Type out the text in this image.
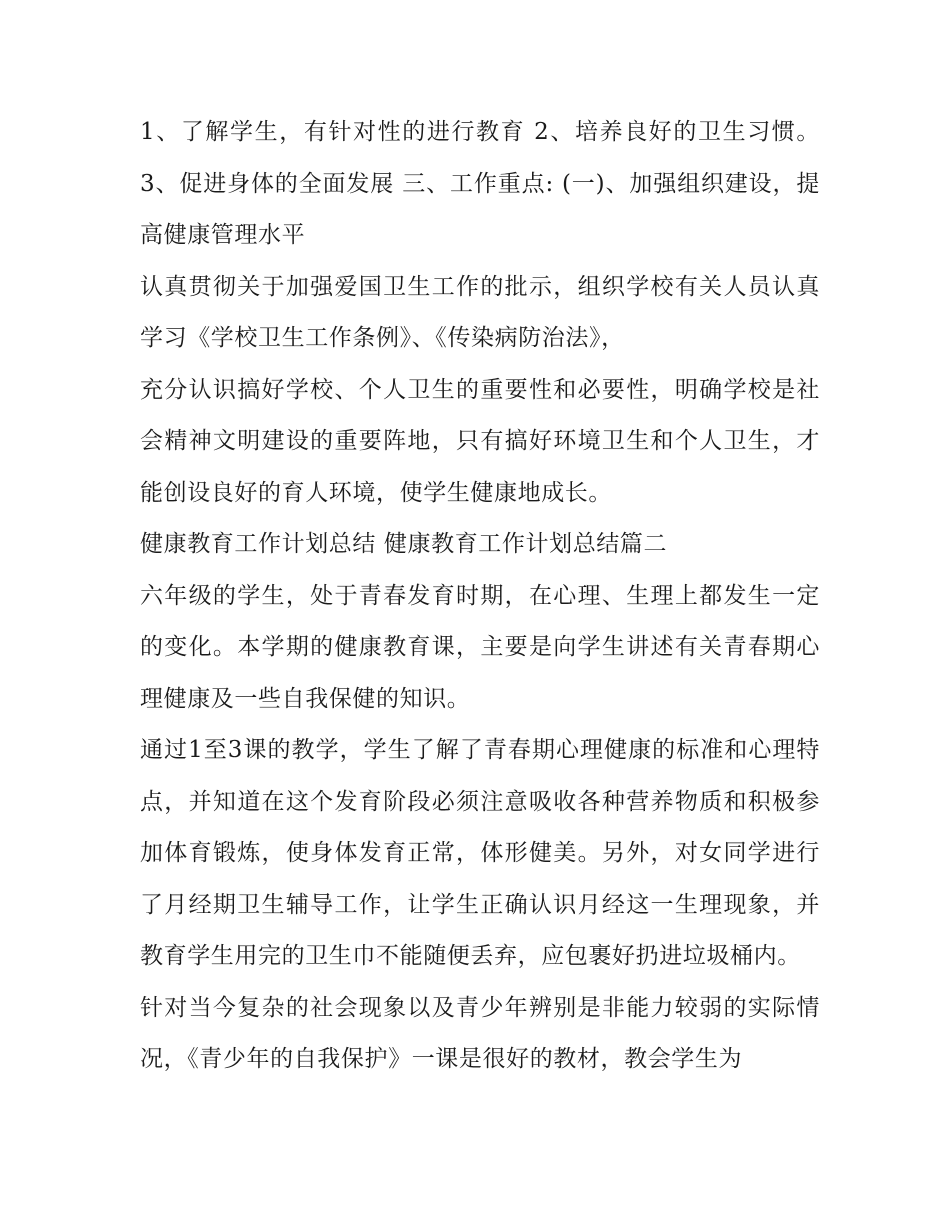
1、了解学生，有针对性的进行教育 2、培养良好的卫生习惯。 3、促进身体的全面发展 三、工作重点: (一)、加强组织建设，提高健康管理水平

认真贯彻关于加强爱国卫生工作的批示，组织学校有关人员认真学习《学校卫生工作条例》、《传染病防治法》，

充分认识搞好学校、个人卫生的重要性和必要性，明确学校是社会精神文明建设的重要阵地，只有搞好环境卫生和个人卫生，才能创设良好的育人环境，使学生健康地成长。

健康教育工作计划总结 健康教育工作计划总结篇二

六年级的学生，处于青春发育时期，在心理、生理上都发生一定的变化。本学期的健康教育课，主要是向学生讲述有关青春期心理健康及一些自我保健的知识。

通过1至3课的教学，学生了解了青春期心理健康的标准和心理特点，并知道在这个发育阶段必须注意吸收各种营养物质和积极参加体育锻炼，使身体发育正常，体形健美。另外，对女同学进行了月经期卫生辅导工作，让学生正确认识月经这一生理现象，并教育学生用完的卫生巾不能随便丢弃，应包裹好扔进垃圾桶内。

针对当今复杂的社会现象以及青少年辨别是非能力较弱的实际情况，《青少年的自我保护》一课是很好的教材，教会学生为
